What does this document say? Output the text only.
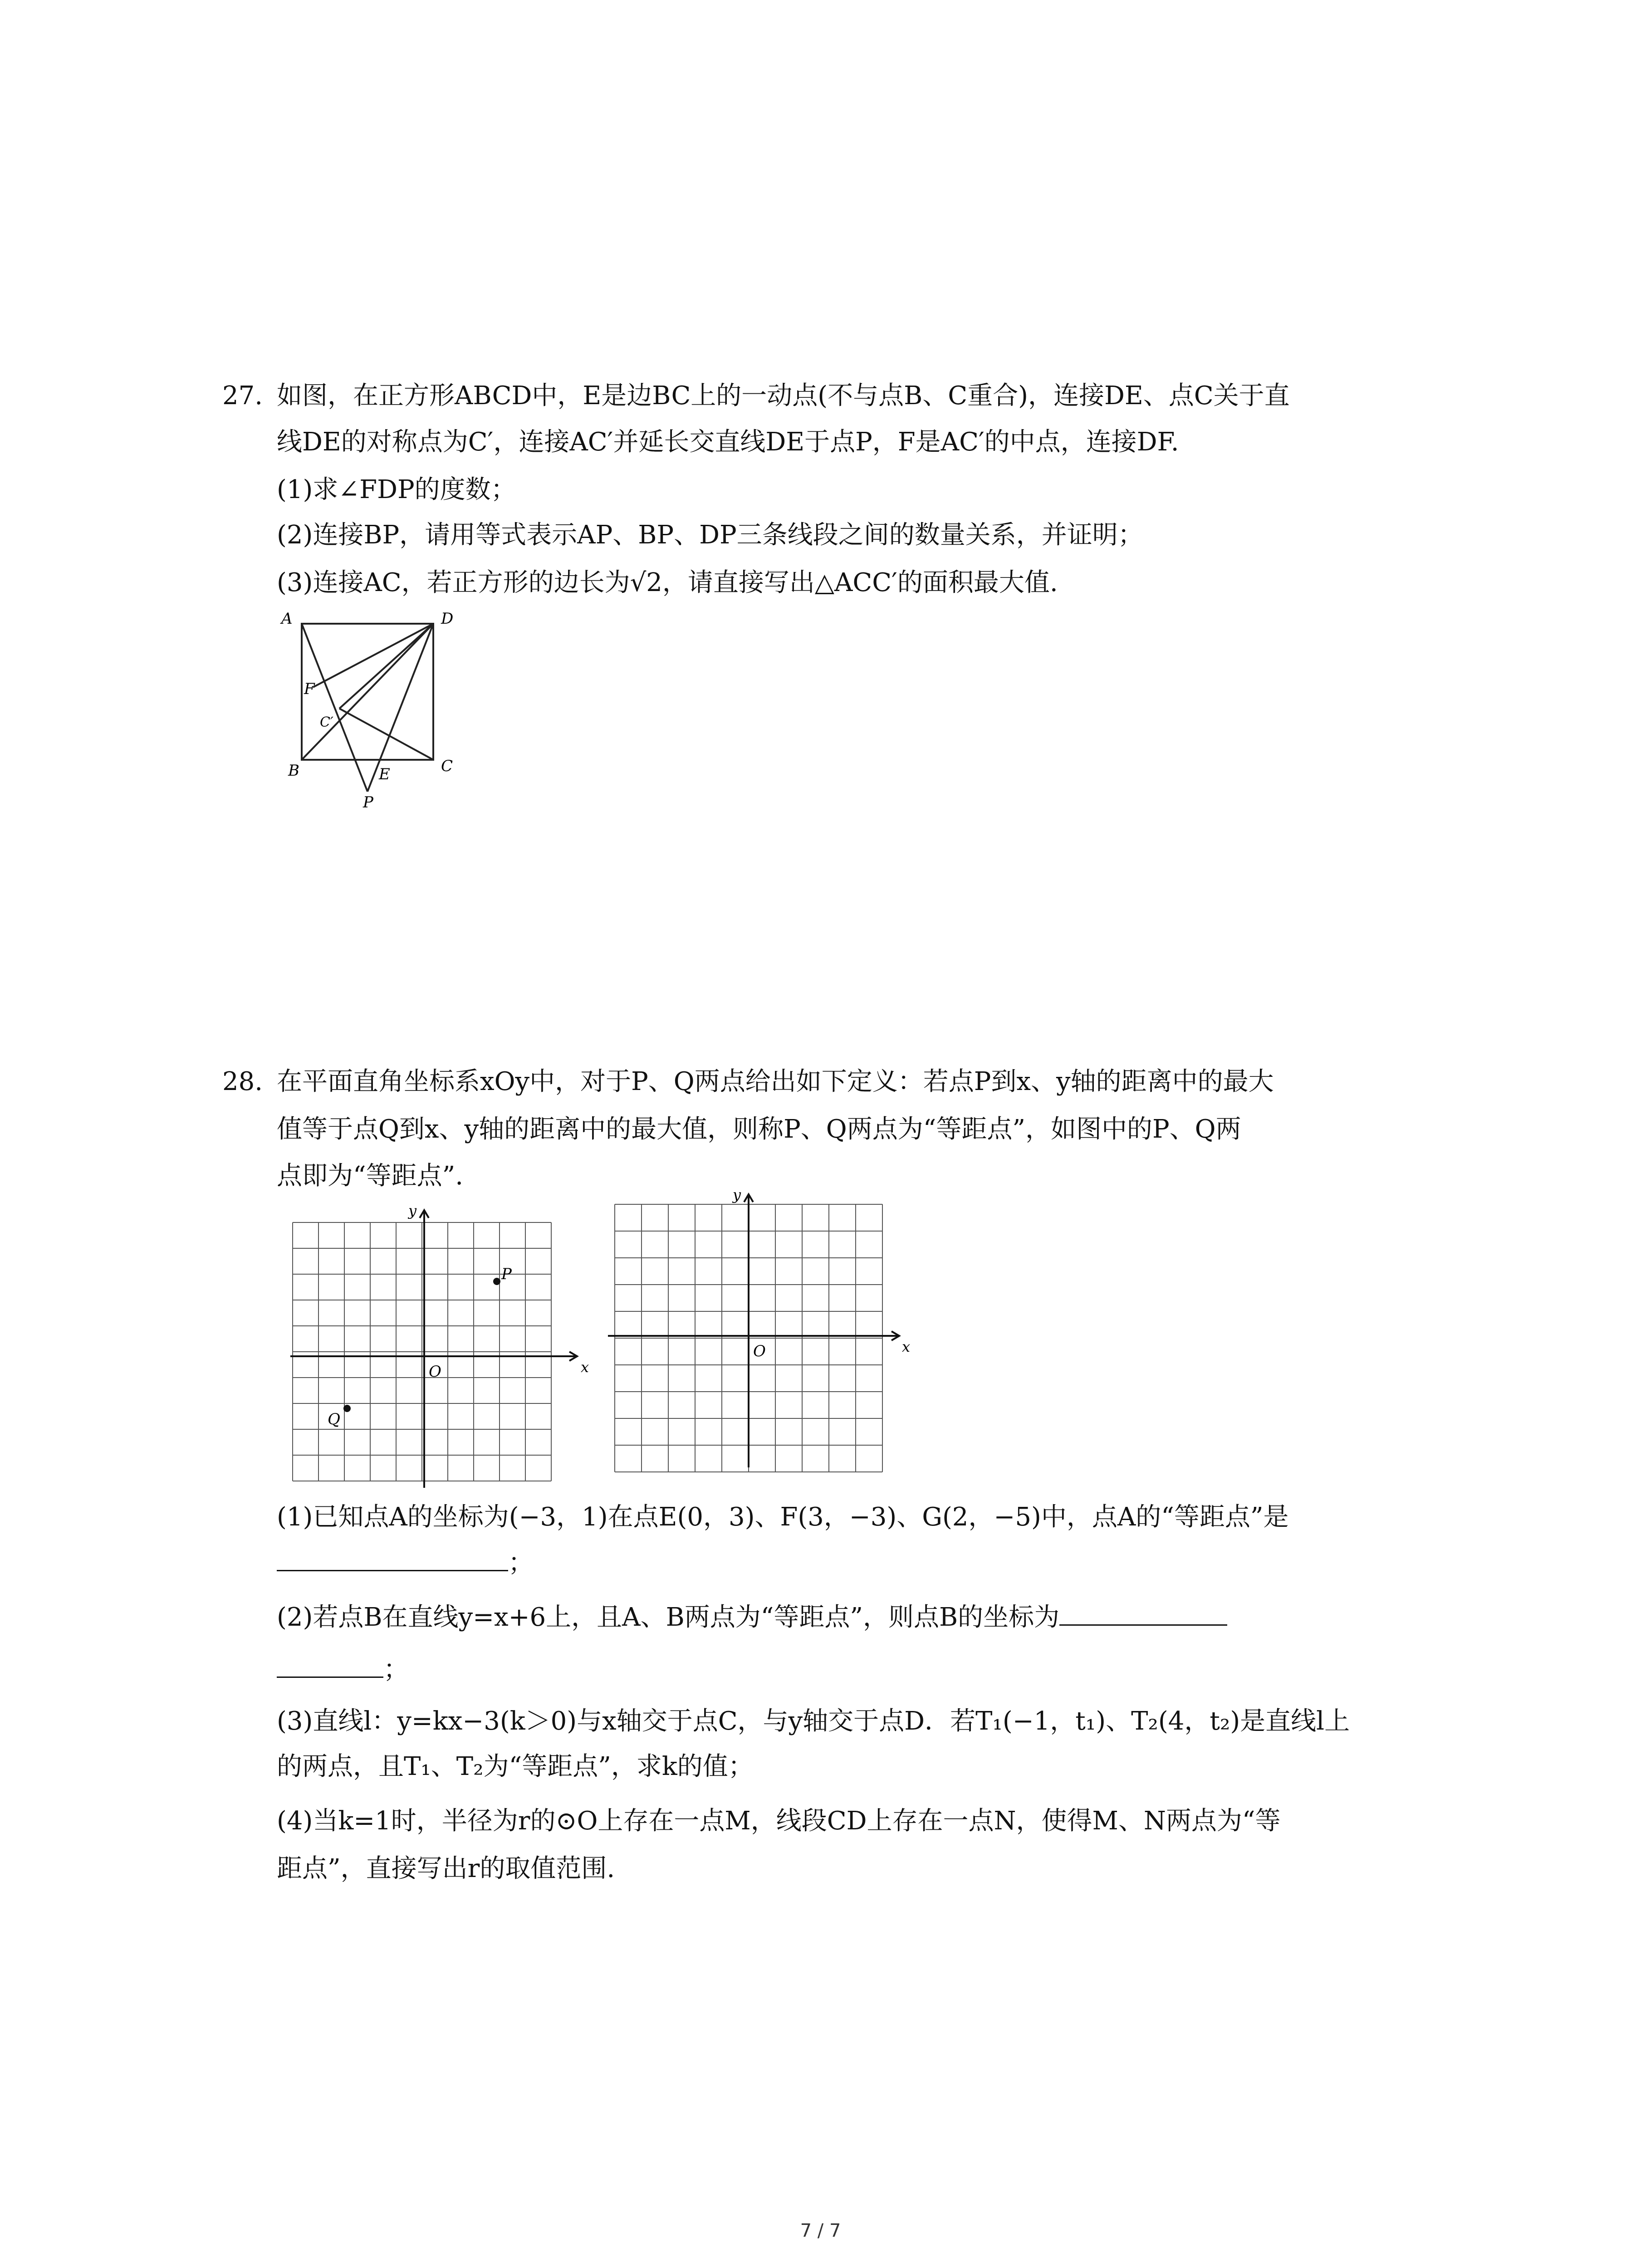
27. 如图，在正方形ABCD中，E是边BC上的一动点(不与点B、C重合)，连接DE、点C关于直
线DE的对称点为C′，连接AC′并延长交直线DE于点P，F是AC′的中点，连接DF.
(1)求∠FDP的度数；
(2)连接BP，请用等式表示AP、BP、DP三条线段之间的数量关系，并证明；
(3)连接AC，若正方形的边长为√2，请直接写出△ACC′的面积最大值.
A	D
F
C′
B	E	C
P
28. 在平面直角坐标系xOy中，对于P、Q两点给出如下定义：若点P到x、y轴的距离中的最大
值等于点Q到x、y轴的距离中的最大值，则称P、Q两点为“等距点”，如图中的P、Q两
点即为“等距点”.
x
y
O
P
Q
x
y
O
(1)已知点A的坐标为(−3，1)在点E(0，3)、F(3，−3)、G(2，−5)中，点A的“等距点”是
；
(2)若点B在直线y=x+6上，且A、B两点为“等距点”，则点B的坐标为
；
(3)直线l：y=kx−3(k＞0)与x轴交于点C，与y轴交于点D．若T₁(−1，t₁)、T₂(4，t₂)是直线l上
的两点，且T₁、T₂为“等距点”，求k的值；
(4)当k=1时，半径为r的⊙O上存在一点M，线段CD上存在一点N，使得M、N两点为“等
距点”，直接写出r的取值范围.
7 / 7
